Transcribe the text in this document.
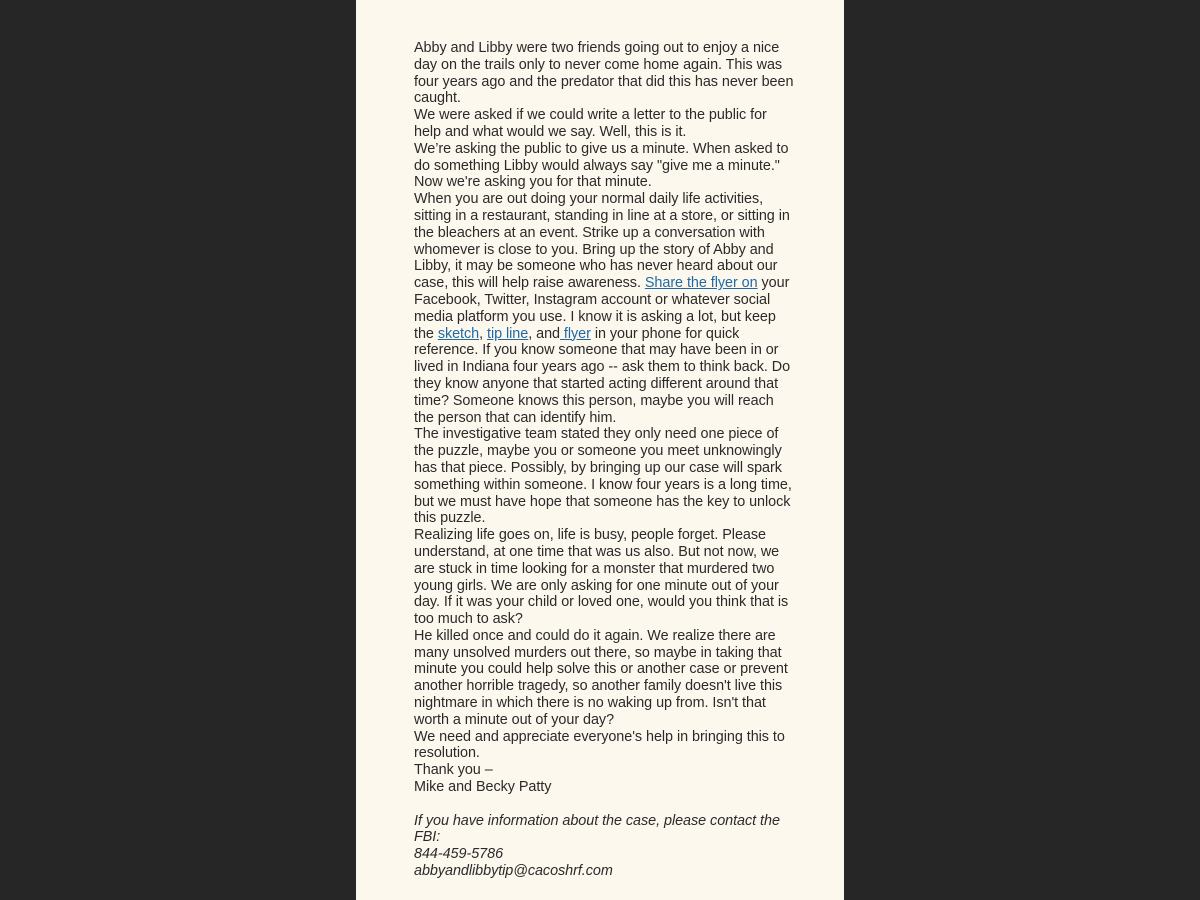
Abby and Libby were two friends going out to enjoy a nice day on the trails only to never come home again. This was four years ago and the predator that did this has never been caught.

We were asked if we could write a letter to the public for help and what would we say. Well, this is it.

We’re asking the public to give us a minute. When asked to do something Libby would always say "give me a minute." Now we're asking you for that minute.

When you are out doing your normal daily life activities, sitting in a restaurant, standing in line at a store, or sitting in the bleachers at an event. Strike up a conversation with whomever is close to you. Bring up the story of Abby and Libby, it may be someone who has never heard about our case, this will help raise awareness. Share the flyer on your Facebook, Twitter, Instagram account or whatever social media platform you use. I know it is asking a lot, but keep the sketch, tip line, and flyer in your phone for quick reference. If you know someone that may have been in or lived in Indiana four years ago -- ask them to think back. Do they know anyone that started acting different around that time? Someone knows this person, maybe you will reach the person that can identify him.

The investigative team stated they only need one piece of the puzzle, maybe you or someone you meet unknowingly has that piece. Possibly, by bringing up our case will spark something within someone. I know four years is a long time, but we must have hope that someone has the key to unlock this puzzle.

Realizing life goes on, life is busy, people forget. Please understand, at one time that was us also. But not now, we are stuck in time looking for a monster that murdered two young girls. We are only asking for one minute out of your day. If it was your child or loved one, would you think that is too much to ask?

He killed once and could do it again. We realize there are many unsolved murders out there, so maybe in taking that minute you could help solve this or another case or prevent another horrible tragedy, so another family doesn't live this nightmare in which there is no waking up from. Isn't that worth a minute out of your day?

We need and appreciate everyone's help in bringing this to resolution.

Thank you –

Mike and Becky Patty

If you have information about the case, please contact the FBI:

844-459-5786

abbyandlibbytip@cacoshrf.com
